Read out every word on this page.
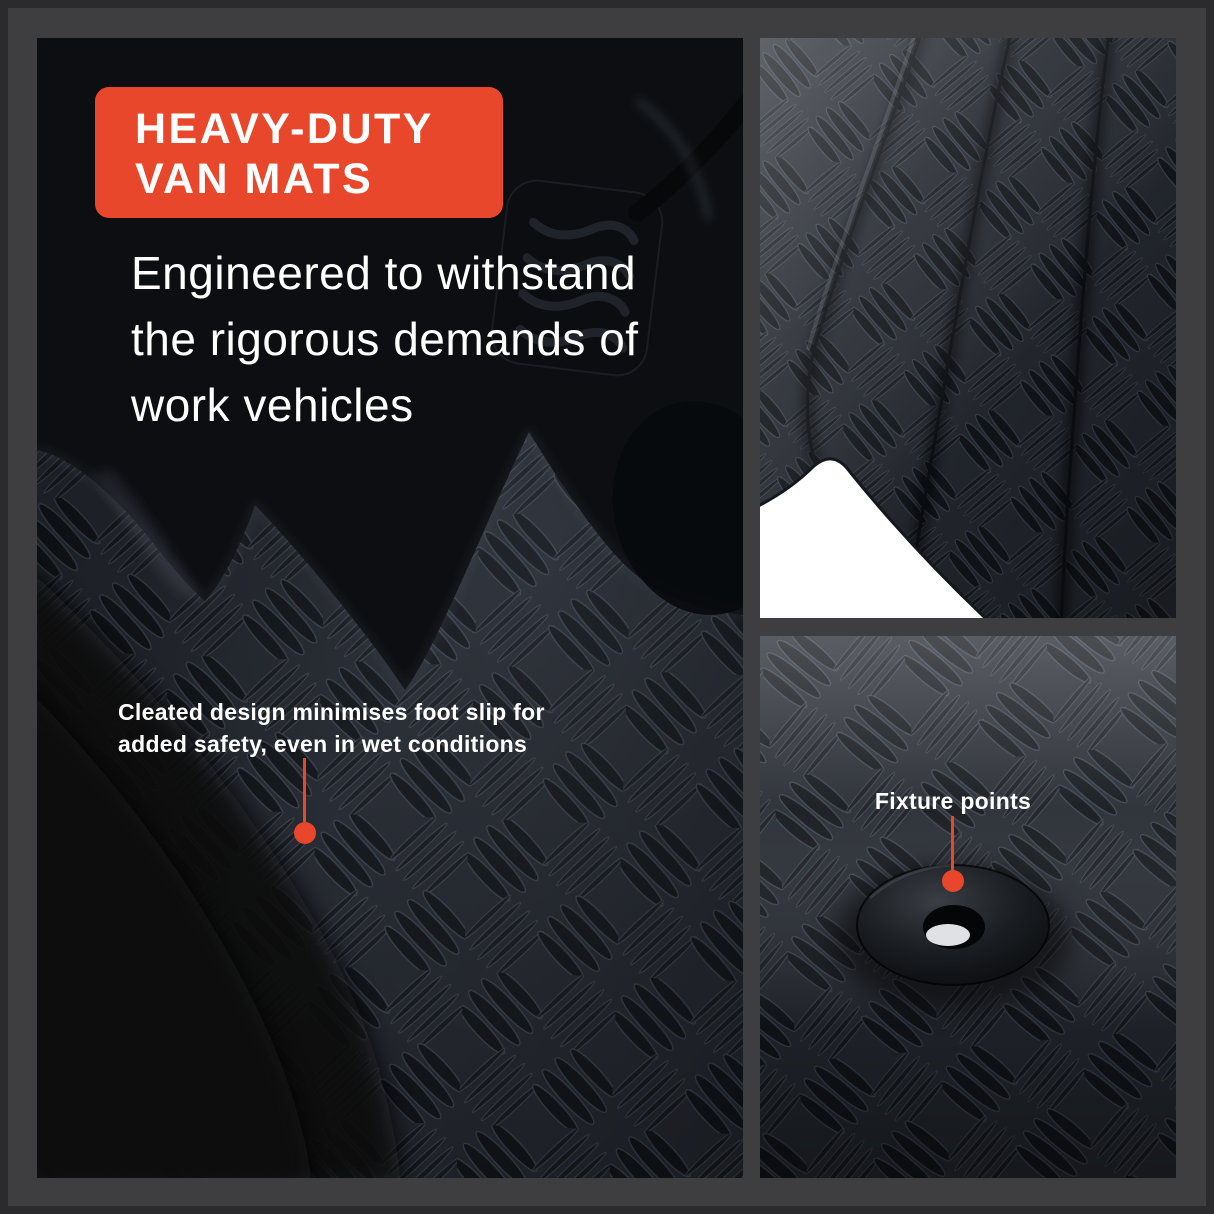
HEAVY-DUTY
VAN MATS
Engineered to withstand
the rigorous demands of
work vehicles
Cleated design minimises foot slip for
added safety, even in wet conditions
Fixture points
